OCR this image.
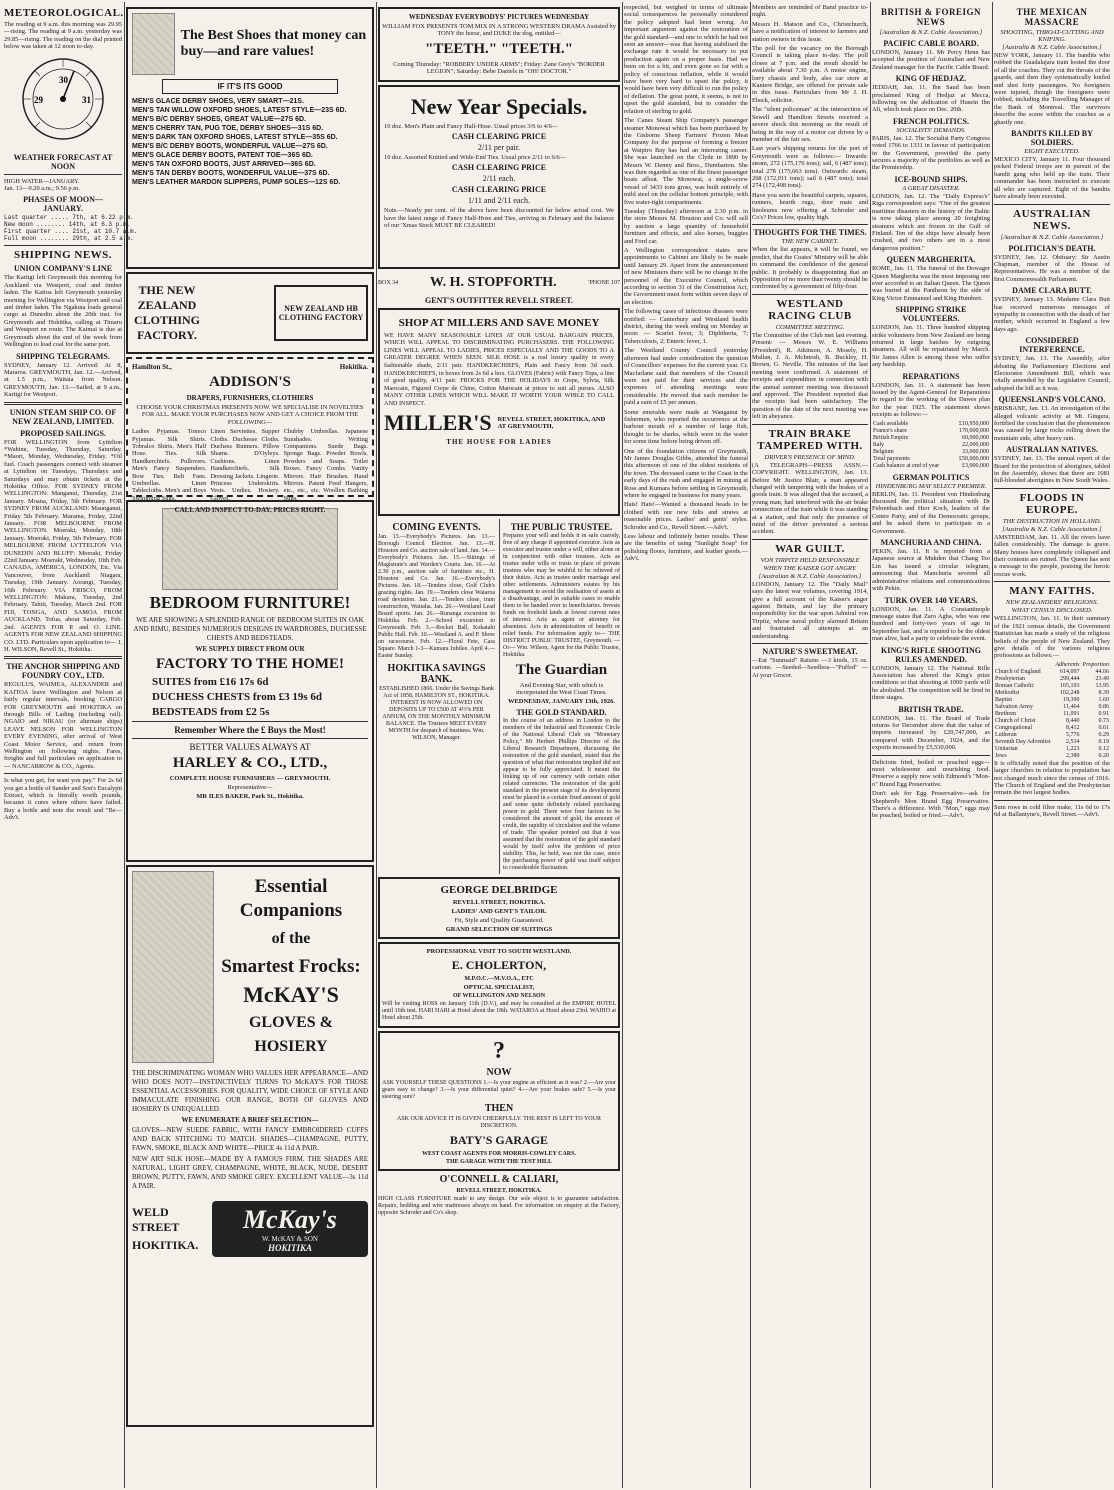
METEOROLOGICAL.

The reading at 9 a.m. this morning was 29.95—rising. The reading at 9 a.m. yesterday was 29.85—rising. The reading on the dial printed below was taken at 12 noon to-day.

29	31
30
WEATHER FORECAST AT NOON

HIGH WATER—JANUARY.
Jan. 13—9.20 a.m.; 9.56 p.m.

PHASES OF MOON—JANUARY.
Last quarter ..... 7th, at 6.22 p.m.
New moon ........ 14th, at 6.3 p.m.
First quarter .... 21st, at 10.7 a.m.
Full moon ........ 29th, at 2.5 a.m.
SHIPPING NEWS.
UNION COMPANY'S LINE

The Kartigi left Greymouth this morning for Auckland via Westport, coal and timber laden. The Kaitoa left Greymouth yesterday morning for Wellington via Westport and coal and timber laden. The Ngakuta loads general cargo at Dunedin about the 20th inst. for Greymouth and Hokitika, calling at Timaru and Westport en route. The Kaimai is due at Greymouth about the end of the week from Wellington to load coal for the same port.

SHIPPING TELEGRAMS.

SYDNEY, January 12. Arrived: At 8, Mararoa. GREYMOUTH, Jan. 12.—Arrived, at 1.5 p.m., Waitaia from Nelson. GREYMOUTH, Jan. 13.—Sailed, at 9 a.m., Kartigi for Westport.

UNION STEAM SHIP CO. OF NEW ZEALAND, LIMITED.
PROPOSED SAILINGS.

FOR WELLINGTON from Lyttelton *Wahine, Tuesday, Thursday, Saturday. *Maori, Monday, Wednesday, Friday. *Oil fuel. Coach passengers connect with steamer at Lyttelton on Tuesdays, Thursdays and Saturdays and may obtain tickets at the Hokitika Office. FOR SYDNEY FROM WELLINGTON: Manganui, Thursday, 21st January. Moana, Friday, 5th February. FOR SYDNEY FROM AUCKLAND: Maunganui, Friday 5th February. Marama, Friday, 22nd January. FOR MELBOURNE FROM WELLINGTON. Moeraki, Monday, 18th January. Moeraki, Friday, 5th February. FOR MELBOURNE FROM LYTTELTON VIA DUNEDIN AND BLUFF: Moeraki, Friday 22nd January. Moeraki, Wednesday, 10th Feb. CANADA, AMERICA, LONDON, Etc. Via Vancouver, from Auckland: Niagara, Tuesday, 19th January. Aorangi, Tuesday, 16th February. VIA FRISCO, FROM WELLINGTON: Makura, Tuesday, 2nd February. Tahiti, Tuesday, March 2nd. FOR FIJI, TONGA, AND SAMOA FROM AUCKLAND. Tofua, about Saturday, Feb. 2nd. AGENTS FOR P. and O. LINE. AGENTS FOR NEW ZEALAND SHIPPING CO. LTD. Particulars upon application to— J. H. WILSON, Revell St., Hokitika.

THE ANCHOR SHIPPING AND FOUNDRY COY., LTD.

REGULUS, WAIMEA, ALEXANDER and KAITOA leave Wellington and Nelson at fairly regular intervals, booking CARGO FOR GREYMOUTH and HOKITIKA on through Bills of Lading (including rail). NGAIO and NIKAU (or alternate ships) LEAVE NELSON FOR WELLINGTON EVERY EVENING, after arrival of West Coast Motor Service, and return from Wellington on following nights. Fares, freights and full particulars on application to— NANCARROW & CO., Agents.

Is what you get, for want you pay." For 2s 6d you get a bottle of Sander and Son's Eucalypti Extract, which is literally worth pounds, because it cures where others have failed. Buy a bottle and note the result and "Be—Adv't.

The Best Shoes that money can buy—and rare values!
IF IT'S ITS GOOD
MEN'S GLACE DERBY SHOES, VERY SMART—21S.
MEN'S TAN WILLOW OXFORD SHOES, LATEST STYLE—23S 6D.
MEN'S B/C DERBY SHOES, GREAT VALUE—27S 6D.
MEN'S CHERRY TAN, PUG TOE, DERBY SHOES—31S 6D.
MEN'S DARK TAN OXFORD SHOES, LATEST STYLE—35S 6D.
MEN'S B/C DERBY BOOTS, WONDERFUL VALUE—27S 6D.
MEN'S GLACE DERBY BOOTS, PATENT TOE—36S 6D.
MEN'S TAN OXFORD BOOTS, JUST ARRIVED—36S 6D.
MEN'S TAN DERBY BOOTS, WONDERFUL VALUE—37S 6D.
MEN'S LEATHER MARDON SLIPPERS, PUMP SOLES—12S 6D.
THE NEW ZEALAND CLOTHING FACTORY.
NEW ZEALAND HB CLOTHING FACTORY
Hamilton St.,	Hokitika.
ADDISON'S
DRAPERS, FURNISHERS, CLOTHIERS

CHOOSE YOUR CHRISTMAS PRESENTS NOW. WE SPECIALISE IN NOVELTIES FOR ALL. MAKE YOUR PURCHASES NOW AND GET A CHOICE FROM THE FOLLOWING—

Ladies Pyjamas. Toneco Pyjamas. Silk Shirts. Tobralco Shirts. Men's Half Hose. Ties. Silk Handkerchiefs. Pullovers. Men's Fancy Suspenders. Bow Ties. Belt Fans. Umbrellas. Linen Tablecloths. Men's and Boys Swimming Suits.

Linen Serviettes. Supper Cloths. Duchesse Cloths. Duchess Runners. Pillow Shams. D'Oyleys. Cushions. Linen Handkerchiefs. Silk Dressing Jackets. Lingerie. Princess Underskirts. Vests. Undies. Hosiery. Gloves.

Chubby Umbrellas. Japanese Sunshades. Writing Companions. Suede Bags. Sponge Bags. Powder Bowls. Powders and Soaps. Toilet Boxes. Fancy Combs. Vanity Mirrors. Hair Brushes. Hand Mirrors. Patent Feed Hangers, etc., etc., etc. Woollen Bathing Suits.

CALL AND INSPECT TO-DAY. PRICES RIGHT.
BEDROOM FURNITURE!

WE ARE SHOWING A SPLENDID RANGE OF BEDROOM SUITES IN OAK AND RIMU, BESIDES NUMEROUS DESIGNS IN WARDROBES, DUCHESSE CHESTS AND BEDSTEADS.

WE SUPPLY DIRECT FROM OUR
FACTORY TO THE HOME!
SUITES from £16 17s 6d
DUCHESS CHESTS from £3 19s 6d
BEDSTEADS from £2 5s
Remember Where the £ Buys the Most!
BETTER VALUES ALWAYS AT
HARLEY & CO., LTD.,
COMPLETE HOUSE FURNISHERS — GREYMOUTH.
Representative—
MR ILES BAKER, Park St., Hokitika.
Essential Companions
of the
Smartest Frocks:
McKAY'S
GLOVES & HOSIERY

THE DISCRIMINATING WOMAN WHO VALUES HER APPEARANCE—AND WHO DOES NOT?—INSTINCTIVELY TURNS TO McKAY'S FOR THOSE ESSENTIAL ACCESSORIES. FOR QUALITY, WIDE CHOICE OF STYLE AND IMMACULATE FINISHING OUR RANGE, BOTH OF GLOVES AND HOSIERY IS UNEQUALLED.

WE ENUMERATE A BRIEF SELECTION—

GLOVES—NEW SUEDE FABRIC, WITH FANCY EMBROIDERED CUFFS AND BACK STITCHING TO MATCH. SHADES—CHAMPAGNE, PUTTY, FAWN, SMOKE, BLACK AND WHITE—PRICE 4s 11d A PAIR.

NEW ART SILK HOSE—MADE BY A FAMOUS FIRM. THE SHADES ARE NATURAL, LIGHT GREY, CHAMPAGNE, WHITE, BLACK, NUDE, DESERT BROWN, PUTTY, FAWN, AND SMOKE GREY. EXCELLENT VALUE—3s 11d A PAIR.

WELD STREET
HOKITIKA.
McKay's
W. McKAY & SON
HOKITIKA
WEDNESDAY EVERYBODYS' PICTURES WEDNESDAY

WILLIAM FOX PRESENTS TOM MIX IN A STRONG WESTERN DRAMA Assisted by TONY the horse, and DUKE the dog, entitled—

"TEETH." "TEETH."

Coming Thursday: "ROBBERY UNDER ARMS"; Friday: Zane Grey's "BORDER LEGION"; Saturday: Bebe Daniels in "OH! DOCTOR."

New Year Specials.

10 doz. Men's Plain and Fancy Half-Hose. Usual prices 3/6 to 4/6—

CASH CLEARING PRICE
2/11 per pair.

10 doz. Assorted Knitted and Wide-End Ties. Usual price 2/11 to 6/6—

CASH CLEARING PRICE
2/11 each.
CASH CLEARING PRICE
1/11 and 2/11 each.

Note.—Nearly per cent. of the above have been discounted far below actual cost. We have the latest range of Fancy Half-Hose and Ties, arriving in February and the balance of our 'Xmas Stock MUST BE CLEARED!

BOX 34 W. H. STOPFORTH.	'PHONE 107
GENT'S OUTFITTER REVELL STREET.
SHOP AT MILLERS AND SAVE MONEY

WE HAVE MANY SEASONABLE LINES AT OUR USUAL BARGAIN PRICES, WHICH WILL APPEAL TO DISCRIMINATING PURCHASERS. THE FOLLOWING LINES WILL APPEAL TO LADIES, PRICES ESPECIALLY AND THE GOODS TO A GREATER DEGREE WHEN SEEN. SILK HOSE is a real luxury quality in every fashionable shade, 2/11 pair. HANDKERCHIEFS, Plain and Fancy from 3d each. HANDKERCHIEFS, in boxes from 2s 6d a box. GLOVES (Fabric) with Fancy Tops, a line of good quality, 4/11 pair. FROCKS FOR THE HOLIDAYS in Crepe, Sylvia, Silk Marocain, Figured Crepe de Chine, Cotton Marocain at prices to suit all purses. ALSO MANY OTHER LINES WHICH WILL MAKE IT WORTH YOUR WHILE TO CALL AND INSPECT.

MILLER'S REVELL STREET, HOKITIKA, AND AT GREYMOUTH,
THE HOUSE FOR LADIES
COMING EVENTS.

Jan. 13.—Everybody's Pictures. Jan. 13.—Borough Council Election. Jan. 13.—H. Houston and Co. auction sale of land. Jan. 14.—Everybody's Pictures. Jan. 15.—Sittings of Magistrate's and Warden's Courts. Jan. 16.—At 2.30 p.m., auction sale of furniture etc., H. Houston and Co. Jan. 16.—Everybody's Pictures. Jan. 18.—Tenders close, Golf Club's grazing rights. Jan. 19.—Tenders close Waiaroa road deviation. Jan. 21.—Tenders close, tram construction, Waitaha. Jan. 26.—Westland Lead Board sports. Jan. 26.—Runanga excursion to Hokitika. Feb. 2.—School excursion to Greymouth. Feb. 3.—Rocket Ball, Kokatahi Public Hall. Feb. 10.—Westland A. and P. Show on racecourse. Feb. 12.—Floral Fete, Cass Square. March 1-3—Kumara Jubilee. April 4.—Easter Sunday.

HOKITIKA SAVINGS BANK.

ESTABLISHED 1866. Under the Savings Bank Act of 1858, HAMILTON ST., HOKITIKA. INTEREST IS NOW ALLOWED ON DEPOSITS UP TO £500 AT 4½% PER ANNUM, ON THE MONTHLY MINIMUM BALANCE. The Trustees MEET EVERY MONTH for despatch of business. Wm. WILSON, Manager.

THE PUBLIC TRUSTEE.

Prepares your will and holds it in safe custody, free of any charge if appointed executor. Acts as executor and trustee under a will, either alone or in conjunction with other trustees. Acts as trustee under wills or trusts in place of private trustees who may be wishful to be relieved of their duties. Acts as trustee under marriage and other settlements. Administers estates by his management to avoid the realisation of assets at a disadvantage, and in suitable cases to enable them to be handed over to beneficiaries. Invests funds on freehold lands at lowest current rates of interest. Acts as agent or attorney for absentees. Acts in administration of benefit or relief funds. For information apply to— THE DISTRICT PUBLIC TRUSTEE, Greymouth. —Or— Wm. Wilson, Agent for the Public Trustee, Hokitika.

The Guardian

And Evening Star, with which is incorporated the West Coast Times.

WEDNESDAY, JANUARY 13th, 1926.
THE GOLD STANDARD.

In the course of an address in London to the members of the Industrial and Economic Circle of the National Liberal Club on "Monetary Policy," Mr Herbert Phillips Director of the Liberal Research Department, discussing the restoration of the gold standard, stated that the question of what that restoration implied did not appear to be fully appreciated. It meant the linking up of our currency with certain other related currencies. The restoration of the gold standard in the present stage of its development must be placed in a certain fixed amount of gold and some quite definitely related purchasing power to gold. There were four factors to be considered: the amount of gold, the amount of credit, the rapidity of circulation and the volume of trade. The speaker pointed out that it was assumed that the restoration of the gold standard would by itself solve the problem of price stability. This, he held, was not the case, since the purchasing power of gold was itself subject to considerable fluctuation.

GEORGE DELBRIDGE
REVELL STREET, HOKITIKA.
LADIES' AND GENT'S TAILOR.
Fit, Style and Quality Guaranteed.
GRAND SELECTION OF SUITINGS
PROFESSIONAL VISIT TO SOUTH WESTLAND.
E. CHOLERTON,
M.P.O.C.—M.V.O.A., ETC
OPTICAL SPECIALIST,
OF WELLINGTON AND NELSON

Will be visiting ROSS on January 11th (D.V.), and may be consulted at the EMPIRE HOTEL until 16th inst. HARI HARI at Hotel about the 18th. WATAROA at Hotel about 23rd. WAIHO at Hotel about 25th.

?
NOW

ASK YOURSELF THESE QUESTIONS 1.—Is your engine as efficient as it was? 2.—Are your gears easy to change? 3.—Is your differential quiet? 4.—Are your brakes safe? 5.—Is your steering sure?

THEN

ASK OUR ADVICE IT IS GIVEN CHEERFULLY. THE REST IS LEFT TO YOUR DISCRETION.

BATY'S GARAGE
WEST COAST AGENTS FOR MORRIS-COWLEY CARS.
THE GARAGE WITH THE TEST HILL
O'CONNELL & CALIARI,
REVELL STREET, HOKITIKA.

HIGH CLASS FURNITURE made to any design. Our sole object is to guarantee satisfaction. Repairs, bedding and wire mattresses always on hand. For information on enquiry at the Factory, opposite Schroder and Co's shop.

respected, but weighed in terms of ultimate social consequences he personally considered the policy adopted had been wrong. An important argument against the restoration of the gold standard—and one to which he had not seen an answer—was that having stabilised the exchange rate it would be necessary to put production again on a proper basis. Had we been on for a bit, and even gone so far with a policy of conscious inflation, while it would have been very hard to upset the policy, it would have been very difficult to run the policy of deflation. The great point, it seems, is not to upset the gold standard, but to consider the relation of sterling to gold.

The Canes Steam Ship Company's passenger steamer Monowai which has been purchased by the Gisborne Sheep Farmers' Frozen Meat Company for the purpose of forming a freezer at Waipiro Bay has had an interesting career. She was launched on the Clyde in 1890 by Messrs W. Denny and Bros., Dumbarton. She was then regarded as one of the finest passenger boats afloat. The Monowai, a single-screw vessel of 3433 tons gross, was built entirely of mild steel on the cellular bottom principle, with five water-tight compartments.

Tuesday (Thursday) afternoon at 2.30 p.m. in the store Messrs M. Houston and Co. will sell by auction a large quantity of household furniture and effects, and also horses, buggies and Ford car.

A Wellington correspondent states new appointments to Cabinet are likely to be made until January 29. Apart from the announcement of new Ministers there will be no change in the personnel of the Executive Council, which according to section 31 of the Constitution Act, the Government must form within seven days of an election.

The following cases of infectious diseases were notified: — Canterbury and Westland health district, during the week ending on Monday at noon: — Scarlet fever, 3; Diphtheria, 7; Tuberculosis, 2; Enteric fever, 1.

The Westland County Council yesterday afternoon had under consideration the question of Councillors' expenses for the current year. Cr. Macfarlane said that members of the Council were not paid for their services and the expenses of attending meetings were considerable. He moved that each member be paid a sum of £5 per annum.

Some emeralds were made at Wanganui by fishermen, who reported the occurrence at the harbour mouth of a number of large fish, thought to be sharks, which were in the water for some time before being driven off.

One of the foundation citizens of Greymouth, Mr James Douglas Gibbs, attended the funeral this afternoon of one of the oldest residents of the town. The deceased came to the Coast in the early days of the rush and engaged in mining at Ross and Kumara before settling in Greymouth, where he engaged in business for many years.

Hats! Hats!—Wanted a thousand heads to be clothed with our new felts and straws at reasonable prices. Ladies' and gents' styles. Schroder and Co., Revell Street.—Adv't.

Less labour and infinitely better results. These are the benefits of using "Sunlight Soap" for polishing floors, furniture, and leather goods.—Adv't.

Members are reminded of Band practice to-night.

Messrs H. Matson and Co., Christchurch, have a notification of interest to farmers and station owners in this issue.

The poll for the vacancy on the Borough Council is taking place to-day. The poll closes at 7 p.m. and the result should be available about 7.30 p.m. A motor engine, lorry chassis and body, also car store at Kaniere Bridge, are offered for private sale in this issue. Particulars from Mr J. H. Ebeck, solicitor.

The "silent policeman" at the intersection of Sewell and Hamilton Streets received a severe shock this morning as the result of being in the way of a motor car driven by a member of the fair sex.

Last year's shipping returns for the port of Greymouth were as follows:— Inwards: steam, 272 (175,176 tons); sail, 6 (487 tons); total 278 (175,663 tons). Outwards: steam, 268 (172,011 tons); sail 6 (487 tons); total 274 (172,498 tons).

Have you seen the beautiful carpets, squares, runners, hearth rugs, door mats and linoleums now offering at Schroder and Co's? Prices low, quality high.

THOUGHTS FOR THE TIMES.
THE NEW CABINET.

When the list appears, it will be found, we predict, that the Coates' Ministry will be able to command the confidence of the general public. It probably is disappointing that an Opposition of no more than twenty should be confronted by a government of fifty-four.

WESTLAND RACING CLUB
COMMITTEE MEETING.

The Committee of the Club met last evening. Present: — Messrs W. E. Williams (President), R. Atkinson, A. Mosely, H. Mullan, J. A. McIntosh, B. Buckley, H. Brown, G. Neville. The minutes of the last meeting were confirmed. A statement of receipts and expenditure in connection with the annual summer meeting was discussed and approved. The President reported that the receipts had been satisfactory. The question of the date of the next meeting was left in abeyance.

TRAIN BRAKE TAMPERED WITH.
DRIVER'S PRESENCE OF MIND.

(A TELEGRAPH—PRESS ASSN.—COPYRIGHT. WELLINGTON, Jan. 13. Before Mr Justice Blair, a man appeared charged with tampering with the brakes of a goods train. It was alleged that the accused, a young man, had interfered with the air brake connections of the train while it was standing at a station, and that only the presence of mind of the driver prevented a serious accident.

WAR GUILT.
VON TIRPITZ HELD RESPONSIBLE
WHEN THE KAISER GOT ANGRY.
[Australian & N.Z. Cable Association.]

LONDON, January 12. The "Daily Mail" says the latest war volumes, covering 1914, give a full account of the Kaiser's anger against Britain, and lay the primary responsibility for the war upon Admiral von Tirpitz, whose naval policy alarmed Britain and frustrated all attempts at an understanding.

NATURE'S SWEETMEAT.

—Eat "Sunmaid" Raisins —3 kinds, 15 oz. cartons. —Seeded—Seedless—"Puffed" —At your Grocer.

BRITISH & FOREIGN NEWS
[Australian & N.Z. Cable Association.]
PACIFIC CABLE BOARD.

LONDON, January 11. Mr Percy Henn has accepted the position of Australian and New Zealand manager for the Pacific Cable Board.

KING OF HEDJAZ.

JEDDAH, Jan. 11. Ibn Saud has been proclaimed King of Hedjaz at Mecca, following on the abdication of Husein Ibn Ali, which took place on Dec. 20th.

FRENCH POLITICS.
SOCIALISTS' DEMANDS.

PARIS, Jan. 12. The Socialist Party Congress voted 1766 to 1331 in favour of participation in the Government, provided the party secures a majority of the portfolios as well as the Premiership.

ICE-BOUND SHIPS.
A GREAT DISASTER.

LONDON, Jan. 12. The "Daily Express's" Riga correspondent says: "One of the greatest maritime disasters in the history of the Baltic is now taking place among 20 freighting steamers which are frozen in the Gulf of Finland. Ten of the ships have already been crushed, and two others are in a most dangerous position."

QUEEN MARGHERITA.

ROME, Jan. 11. The funeral of the Dowager Queen Margherita was the most imposing one ever accorded to an Italian Queen. The Queen was buried at the Pantheon by the side of King Victor Emmanuel and King Humbert.

SHIPPING STRIKE VOLUNTEERS.

LONDON, Jan. 11. Three hundred shipping strike volunteers from New Zealand are being returned in large batches by outgoing steamers. All will be repatriated by March. Sir James Allen is among those who suffer any hardship.

REPARATIONS

LONDON, Jan. 11. A statement has been issued by the Agent-General for Reparations in regard to the working of the Dawes plan for the year 1925. The statement shows receipts as follows:—

Cash available	£10,950,000
France's share	170,000,000
British Empire	60,000,000
Italy	22,000,000
Belgium	33,000,000
Total payments	£50,000,000
Cash balance at end of year	£3,000,000
GERMAN POLITICS
HINDENBURG MAY SELECT PREMIER.

BERLIN, Jan. 11. President von Hindenburg discussed the political situation with Dr Fehrenbach and Herr Koch, leaders of the Centre Party, and of the Democratic groups, and he asked them to participate in a Government.

MANCHURIA AND CHINA.

PEKIN, Jan. 11. It is reported from a Japanese source at Mukden that Chang Tso Lin has issued a circular telegram, announcing that Manchuria severed all administrative relations and communications with Pekin.

TURK OVER 140 YEARS.

LONDON, Jan. 11. A Constantinople message states that Zaro Agha, who was one hundred and forty-two years of age in September last, and is reputed to be the oldest man alive, had a party to celebrate the event.

KING'S RIFLE SHOOTING RULES AMENDED.

LONDON, January 12. The National Rifle Association has altered the King's prize conditions so that shooting at 1000 yards will be abolished. The competition will be fired in three stages.

BRITISH TRADE.

LONDON, Jan. 11. The Board of Trade returns for December show that the value of imports increased by £20,747,000, as compared with December, 1924, and the exports increased by £5,530,000.

Delicious fried, boiled or poached eggs—most wholesome and nourishing food. Preserve a supply now with Edmond's "Mon-o" Brand Egg Preservative.

Don't ask for Egg Preservative—ask for Shepherd's Mon Brand Egg Preservative. There's a difference. With "Mon," eggs may be poached, boiled or fried.—Adv't.

THE MEXICAN MASSACRE
SHOOTING, THROAT-CUTTING AND KNIFING.
[Australia & N.Z. Cable Association.]

NEW YORK, January 11. The bandits who robbed the Guadalajara train looted the door of all the coaches. They cut the throats of the guards, and then they systematically knifed and shot forty passengers. No foreigners were injured, though the foreigners were robbed, including the Travelling Manager of the Bank of Montreal. The survivors describe the scene within the coaches as a ghastly one.

BANDITS KILLED BY SOLDIERS.
EIGHT EXECUTED.

MEXICO CITY, January 11. Four thousand picked Federal troops are in pursuit of the bandit gang who held up the train. Their commander has been instructed to execute all who are captured. Eight of the bandits have already been executed.

AUSTRALIAN NEWS.
[Australian & N.Z. Cable Association.]
POLITICIAN'S DEATH.

SYDNEY, Jan. 12. Obituary: Sir Austin Chapman, member of the House of Representatives. He was a member of the first Commonwealth Parliament.

DAME CLARA BUTT.

SYDNEY, January 13. Madame Clara Butt has received numerous messages of sympathy in connection with the death of her mother, which occurred in England a few days ago.

CONSIDERED INTERFERENCE.

SYDNEY, Jan. 13. The Assembly, after debating the Parliamentary Elections and Electorates Amendment Bill, which was vitally amended by the Legislative Council, adopted the bill as it was.

QUEENSLAND'S VOLCANO.

BRISBANE, Jan. 13. An investigation of the alleged volcanic activity at Mt. Gingera, fortified the conclusion that the phenomenon was caused by large rocks rolling down the mountain side, after heavy rain.

AUSTRALIAN NATIVES.

SYDNEY, Jan. 13. The annual report of the Board for the protection of aborigines, tabled in the Assembly, shows that there are 1081 full-blooded aborigines in New South Wales.

FLOODS IN EUROPE.
THE DESTRUCTION IN HOLLAND.
[Australia & N.Z. Cable Association.]

AMSTERDAM, Jan. 11. All the rivers have fallen considerably. The damage is grave. Many houses have completely collapsed and their contents are ruined. The Queen has sent a message to the people, praising the heroic rescue work.

MANY FAITHS.
NEW ZEALANDERS' RELIGIONS.
WHAT CENSUS DISCLOSED.

WELLINGTON, Jan. 11. In their summary of the 1921 census details, the Government Statistician has made a study of the religious beliefs of the people of New Zealand. They give details of the various religious professions as follows:—

	Adherents	Proportion
Church of England	614,097	44.66
Presbyterian	299,444	23.49
Roman Catholic	165,193	13.95
Methodist	102,248	8.39
Baptist	19,390	1.60
Salvation Army	11,464	0.86
Brethren	11,091	0.91
Church of Christ	8,440	0.73
Congregational	8,412	0.61
Lutheran	5,776	0.29
Seventh Day Adventist	2,534	0.19
Unitarian	1,223	0.12
Jews	2,380	0.20

It is officially noted that the position of the larger churches in relation to population has not changed much since the census of 1916. The Church of England and the Presbyterian remain the two largest bodies.

Sum rows in cold filter make, 11s 6d to 17s 6d at Ballantyne's, Revell Street.—Adv't.
